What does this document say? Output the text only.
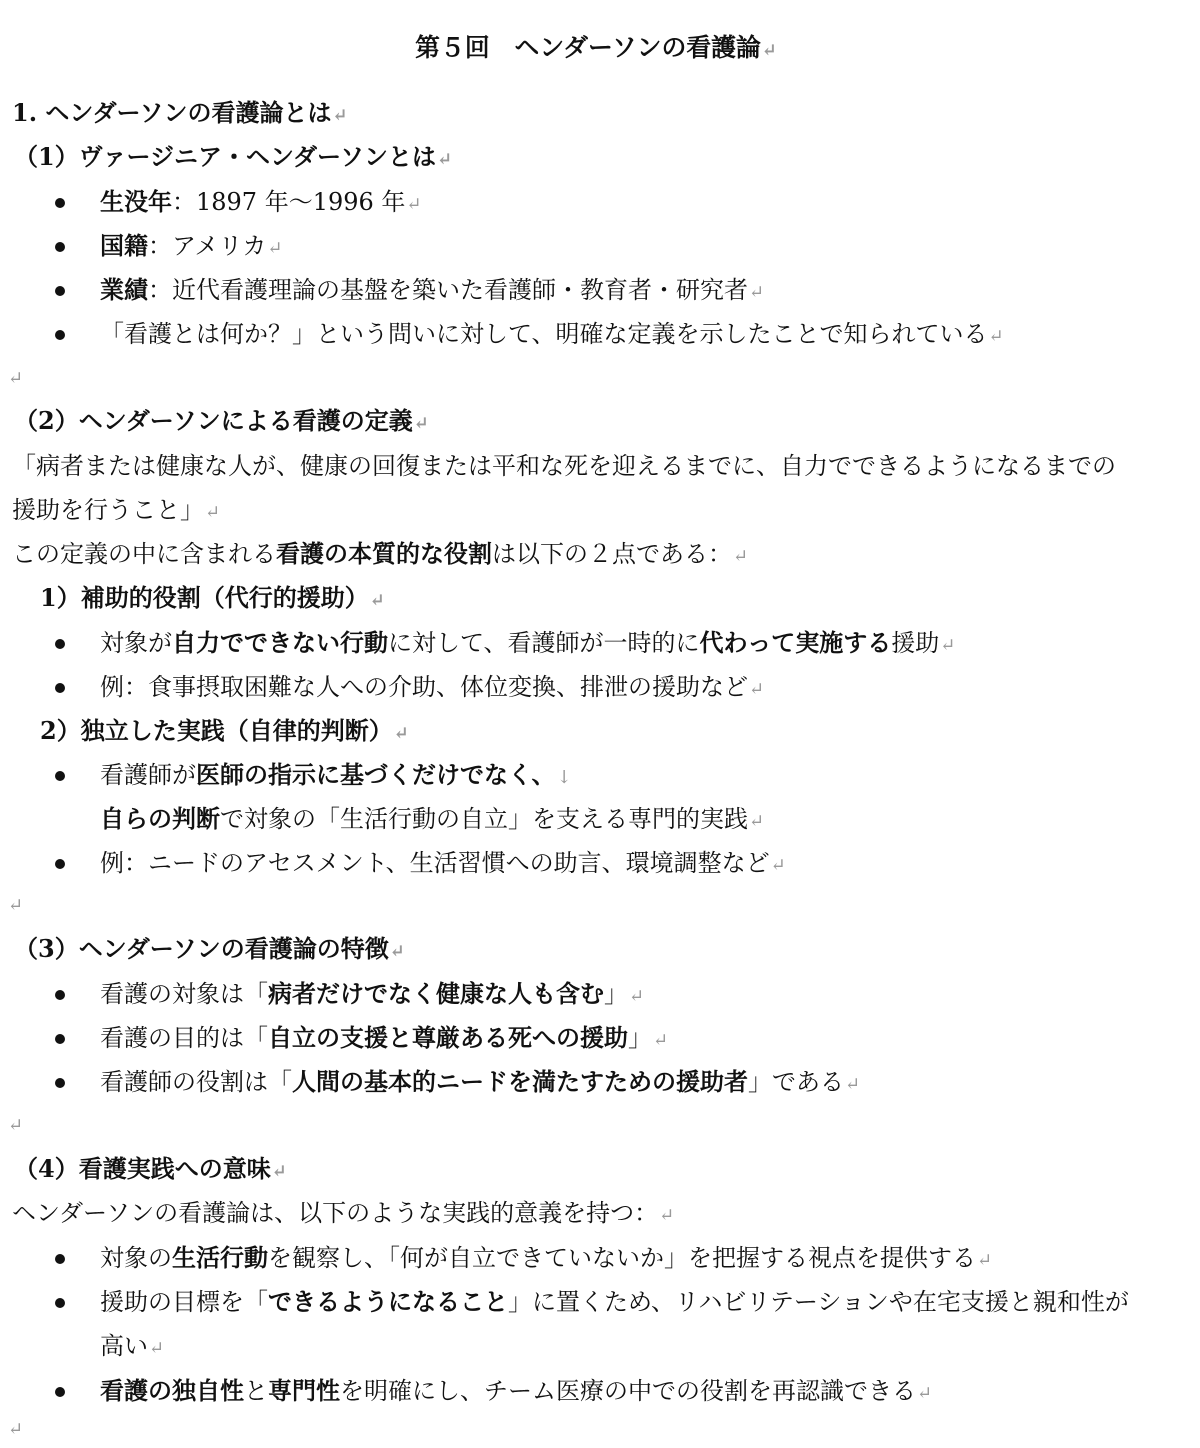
第５回　ヘンダーソンの看護論↵
1. ヘンダーソンの看護論とは↵
（1）ヴァージニア・ヘンダーソンとは↵
生没年：1897 年～1996 年↵
国籍：アメリカ↵
業績：近代看護理論の基盤を築いた看護師・教育者・研究者↵
「看護とは何か？」という問いに対して、明確な定義を示したことで知られている↵
↵
（2）ヘンダーソンによる看護の定義↵
「病者または健康な人が、健康の回復または平和な死を迎えるまでに、自力でできるようになるまでの
援助を行うこと」↵
この定義の中に含まれる看護の本質的な役割は以下の２点である：↵
1）補助的役割（代行的援助）↵
対象が自力でできない行動に対して、看護師が一時的に代わって実施する援助↵
例：食事摂取困難な人への介助、体位変換、排泄の援助など↵
2）独立した実践（自律的判断）↵
看護師が医師の指示に基づくだけでなく、↓
自らの判断で対象の「生活行動の自立」を支える専門的実践↵
例：ニードのアセスメント、生活習慣への助言、環境調整など↵
↵
（3）ヘンダーソンの看護論の特徴↵
看護の対象は「病者だけでなく健康な人も含む」↵
看護の目的は「自立の支援と尊厳ある死への援助」↵
看護師の役割は「人間の基本的ニードを満たすための援助者」である↵
↵
（4）看護実践への意味↵
ヘンダーソンの看護論は、以下のような実践的意義を持つ：↵
対象の生活行動を観察し、「何が自立できていないか」を把握する視点を提供する↵
援助の目標を「できるようになること」に置くため、リハビリテーションや在宅支援と親和性が
高い↵
看護の独自性と専門性を明確にし、チーム医療の中での役割を再認識できる↵
↵
